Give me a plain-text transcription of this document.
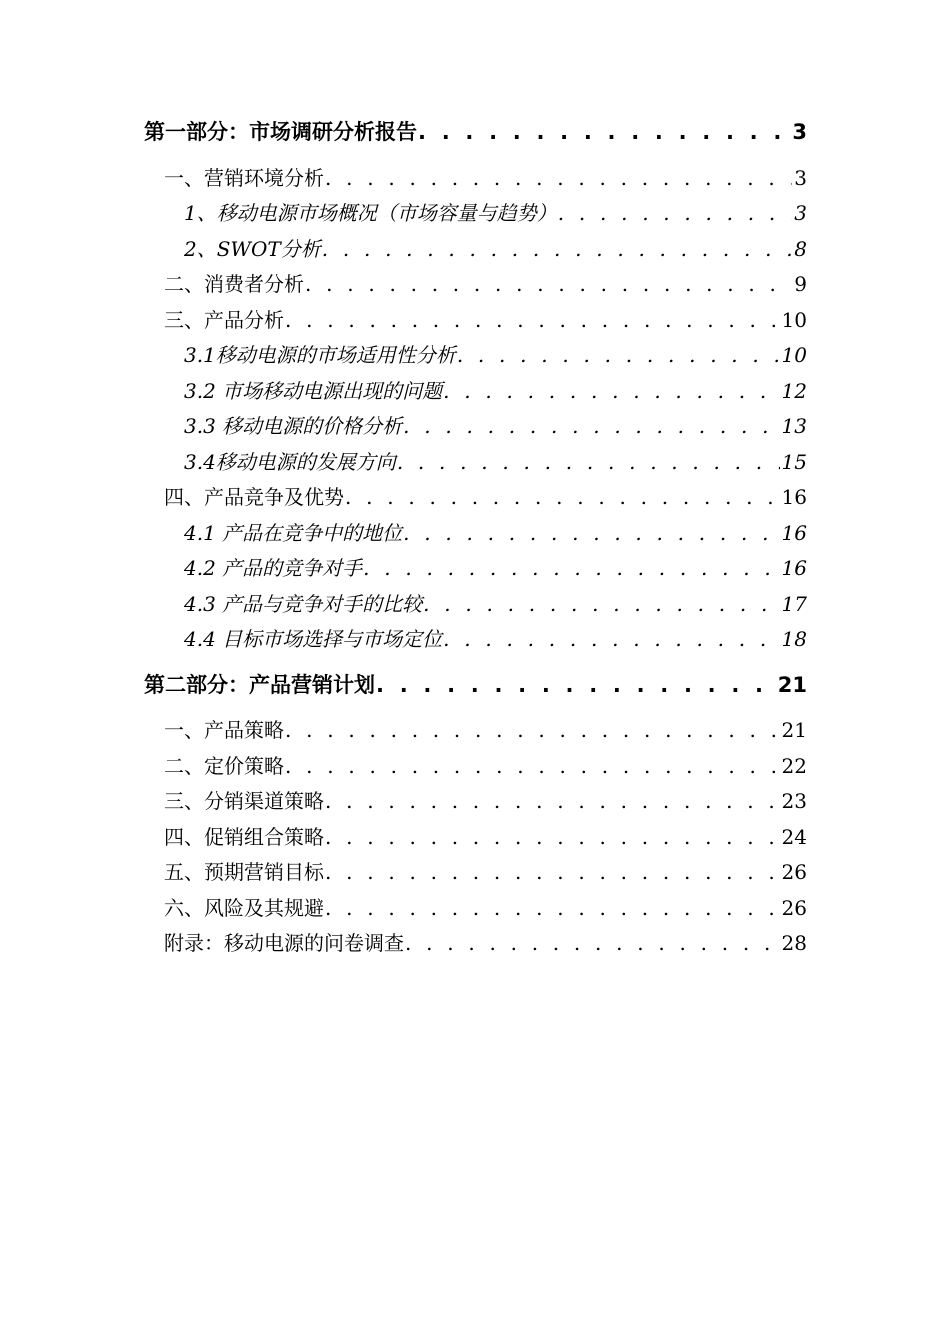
第一部分：市场调研分析报告 . . .	3
一、营销环境分析 . . .	3
1、移动电源市场概况（市场容量与趋势） . . .	3
2、SWOT分析 . . .	8
二、消费者分析 . . .	9
三、产品分析 . . .	10
3.1移动电源的市场适用性分析 . . .	10
3.2 市场移动电源出现的问题 . . .	12
3.3 移动电源的价格分析 . . .	13
3.4移动电源的发展方向 . . .	15
四、产品竞争及优势 . . .	16
4.1 产品在竞争中的地位 . . .	16
4.2 产品的竞争对手 . . .	16
4.3 产品与竞争对手的比较 . . .	17
4.4 目标市场选择与市场定位 . . .	18
第二部分：产品营销计划 . . .	21
一、产品策略 . . .	21
二、定价策略 . . .	22
三、分销渠道策略 . . .	23
四、促销组合策略 . . .	24
五、预期营销目标 . . .	26
六、风险及其规避 . . .	26
附录：移动电源的问卷调查 . . .	28
